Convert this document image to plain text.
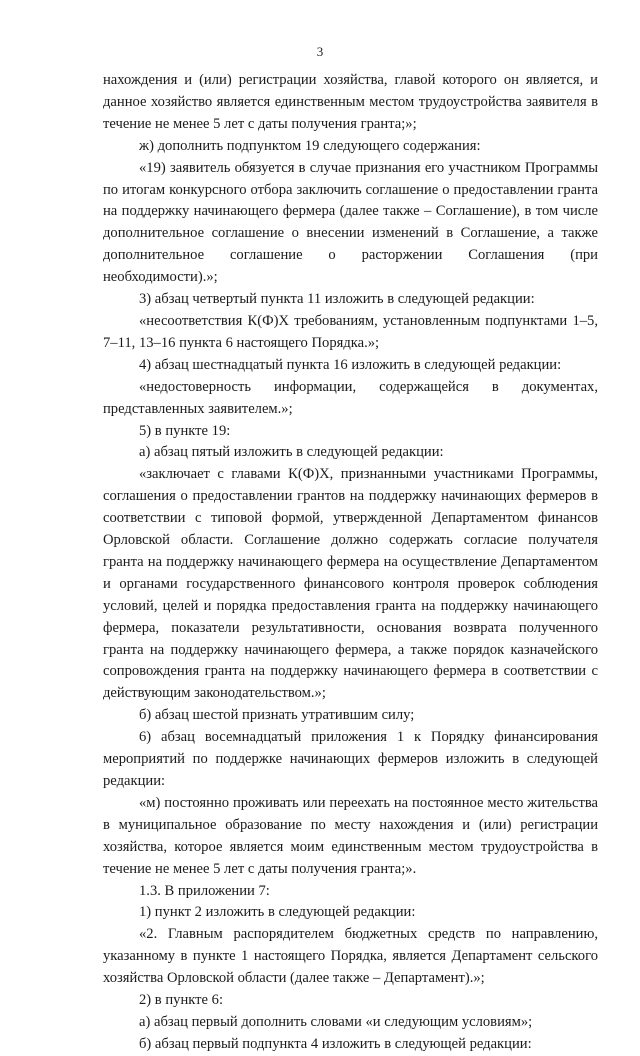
3

нахождения и (или) регистрации хозяйства, главой которого он является, и данное хозяйство является единственным местом трудоустройства заявителя в течение не менее 5 лет с даты получения гранта;»;

ж) дополнить подпунктом 19 следующего содержания:

«19) заявитель обязуется в случае признания его участником Программы по итогам конкурсного отбора заключить соглашение о предоставлении гранта на поддержку начинающего фермера (далее также – Соглашение), в том числе дополнительное соглашение о внесении изменений в Соглашение, а также дополнительное соглашение о расторжении Соглашения (при необходимости).»;

3) абзац четвертый пункта 11 изложить в следующей редакции:

«несоответствия К(Ф)Х требованиям, установленным подпунктами 1–5, 7–11, 13–16 пункта 6 настоящего Порядка.»;

4) абзац шестнадцатый пункта 16 изложить в следующей редакции:

«недостоверность информации, содержащейся в документах, представленных заявителем.»;

5) в пункте 19:

а) абзац пятый изложить в следующей редакции:

«заключает с главами К(Ф)Х, признанными участниками Программы, соглашения о предоставлении грантов на поддержку начинающих фермеров в соответствии с типовой формой, утвержденной Департаментом финансов Орловской области. Соглашение должно содержать согласие получателя гранта на поддержку начинающего фермера на осуществление Департаментом и органами государственного финансового контроля проверок соблюдения условий, целей и порядка предоставления гранта на поддержку начинающего фермера, показатели результативности, основания возврата полученного гранта на поддержку начинающего фермера, а также порядок казначейского сопровождения гранта на поддержку начинающего фермера в соответствии с действующим законодательством.»;

б) абзац шестой признать утратившим силу;

6) абзац восемнадцатый приложения 1 к Порядку финансирования мероприятий по поддержке начинающих фермеров изложить в следующей редакции:

«м) постоянно проживать или переехать на постоянное место жительства в муниципальное образование по месту нахождения и (или) регистрации хозяйства, которое является моим единственным местом трудоустройства в течение не менее 5 лет с даты получения гранта;».

1.3. В приложении 7:

1) пункт 2 изложить в следующей редакции:

«2. Главным распорядителем бюджетных средств по направлению, указанному в пункте 1 настоящего Порядка, является Департамент сельского хозяйства Орловской области (далее также – Департамент).»;

2) в пункте 6:

а) абзац первый дополнить словами «и следующим условиям»;

б) абзац первый подпункта 4 изложить в следующей редакции:
